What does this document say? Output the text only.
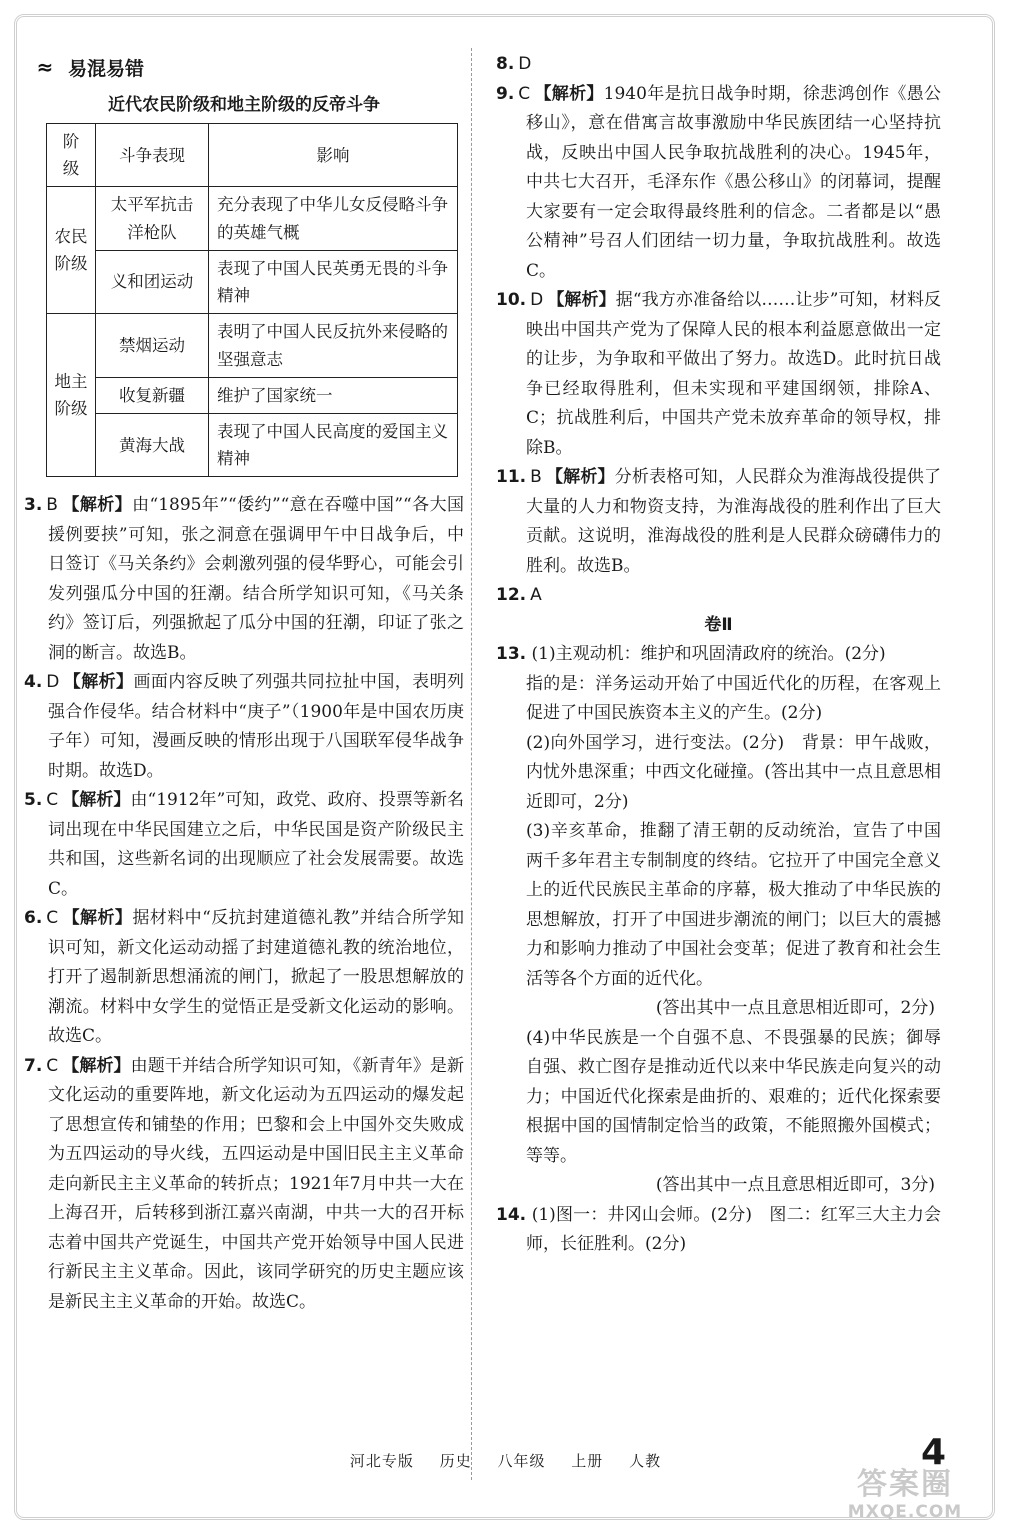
≈ 易混易错
近代农民阶级和地主阶级的反帝斗争
阶级	斗争表现	影响
农民阶级	太平军抗击洋枪队	充分表现了中华儿女反侵略斗争的英雄气概
	义和团运动	表现了中国人民英勇无畏的斗争精神
地主阶级	禁烟运动	表明了中国人民反抗外来侵略的坚强意志
	收复新疆	维护了国家统一
	黄海大战	表现了中国人民高度的爱国主义精神
3. B 【解析】由“1895年”“倭约”“意在吞噬中国”“各大国援例要挟”可知，张之洞意在强调甲午中日战争后，中日签订《马关条约》会刺激列强的侵华野心，可能会引发列强瓜分中国的狂潮。结合所学知识可知，《马关条约》签订后，列强掀起了瓜分中国的狂潮，印证了张之洞的断言。故选B。
4. D 【解析】画面内容反映了列强共同拉扯中国，表明列强合作侵华。结合材料中“庚子”（1900年是中国农历庚子年）可知，漫画反映的情形出现于八国联军侵华战争时期。故选D。
5. C 【解析】由“1912年”可知，政党、政府、投票等新名词出现在中华民国建立之后，中华民国是资产阶级民主共和国，这些新名词的出现顺应了社会发展需要。故选C。
6. C 【解析】据材料中“反抗封建道德礼教”并结合所学知识可知，新文化运动动摇了封建道德礼教的统治地位，打开了遏制新思想涌流的闸门，掀起了一股思想解放的潮流。材料中女学生的觉悟正是受新文化运动的影响。故选C。
7. C 【解析】由题干并结合所学知识可知，《新青年》是新文化运动的重要阵地，新文化运动为五四运动的爆发起了思想宣传和铺垫的作用；巴黎和会上中国外交失败成为五四运动的导火线，五四运动是中国旧民主主义革命走向新民主主义革命的转折点；1921年7月中共一大在上海召开，后转移到浙江嘉兴南湖，中共一大的召开标志着中国共产党诞生，中国共产党开始领导中国人民进行新民主主义革命。因此，该同学研究的历史主题应该是新民主主义革命的开始。故选C。
8. D
9. C 【解析】1940年是抗日战争时期，徐悲鸿创作《愚公移山》，意在借寓言故事激励中华民族团结一心坚持抗战，反映出中国人民争取抗战胜利的决心。1945年，中共七大召开，毛泽东作《愚公移山》的闭幕词，提醒大家要有一定会取得最终胜利的信念。二者都是以“愚公精神”号召人们团结一切力量，争取抗战胜利。故选C。
10. D 【解析】据“我方亦准备给以……让步”可知，材料反映出中国共产党为了保障人民的根本利益愿意做出一定的让步，为争取和平做出了努力。故选D。此时抗日战争已经取得胜利，但未实现和平建国纲领，排除A、C；抗战胜利后，中国共产党未放弃革命的领导权，排除B。
11. B 【解析】分析表格可知，人民群众为淮海战役提供了大量的人力和物资支持，为淮海战役的胜利作出了巨大贡献。这说明，淮海战役的胜利是人民群众磅礴伟力的胜利。故选B。
12. A
卷Ⅱ
13. (1)主观动机：维护和巩固清政府的统治。(2分)
指的是：洋务运动开始了中国近代化的历程，在客观上促进了中国民族资本主义的产生。(2分)
(2)向外国学习，进行变法。(2分)　背景：甲午战败，内忧外患深重；中西文化碰撞。(答出其中一点且意思相近即可，2分)
(3)辛亥革命，推翻了清王朝的反动统治，宣告了中国两千多年君主专制制度的终结。它拉开了中国完全意义上的近代民族民主革命的序幕，极大推动了中华民族的思想解放，打开了中国进步潮流的闸门；以巨大的震撼力和影响力推动了中国社会变革；促进了教育和社会生活等各个方面的近代化。
(答出其中一点且意思相近即可，2分)
(4)中华民族是一个自强不息、不畏强暴的民族；御辱自强、救亡图存是推动近代以来中华民族走向复兴的动力；中国近代化探索是曲折的、艰难的；近代化探索要根据中国的国情制定恰当的政策，不能照搬外国模式；等等。
(答出其中一点且意思相近即可，3分)
14. (1)图一：井冈山会师。(2分)　图二：红军三大主力会师，长征胜利。(2分)
河北专版 历史 八年级 上册 人教	4
答案圈
MXQE.COM
